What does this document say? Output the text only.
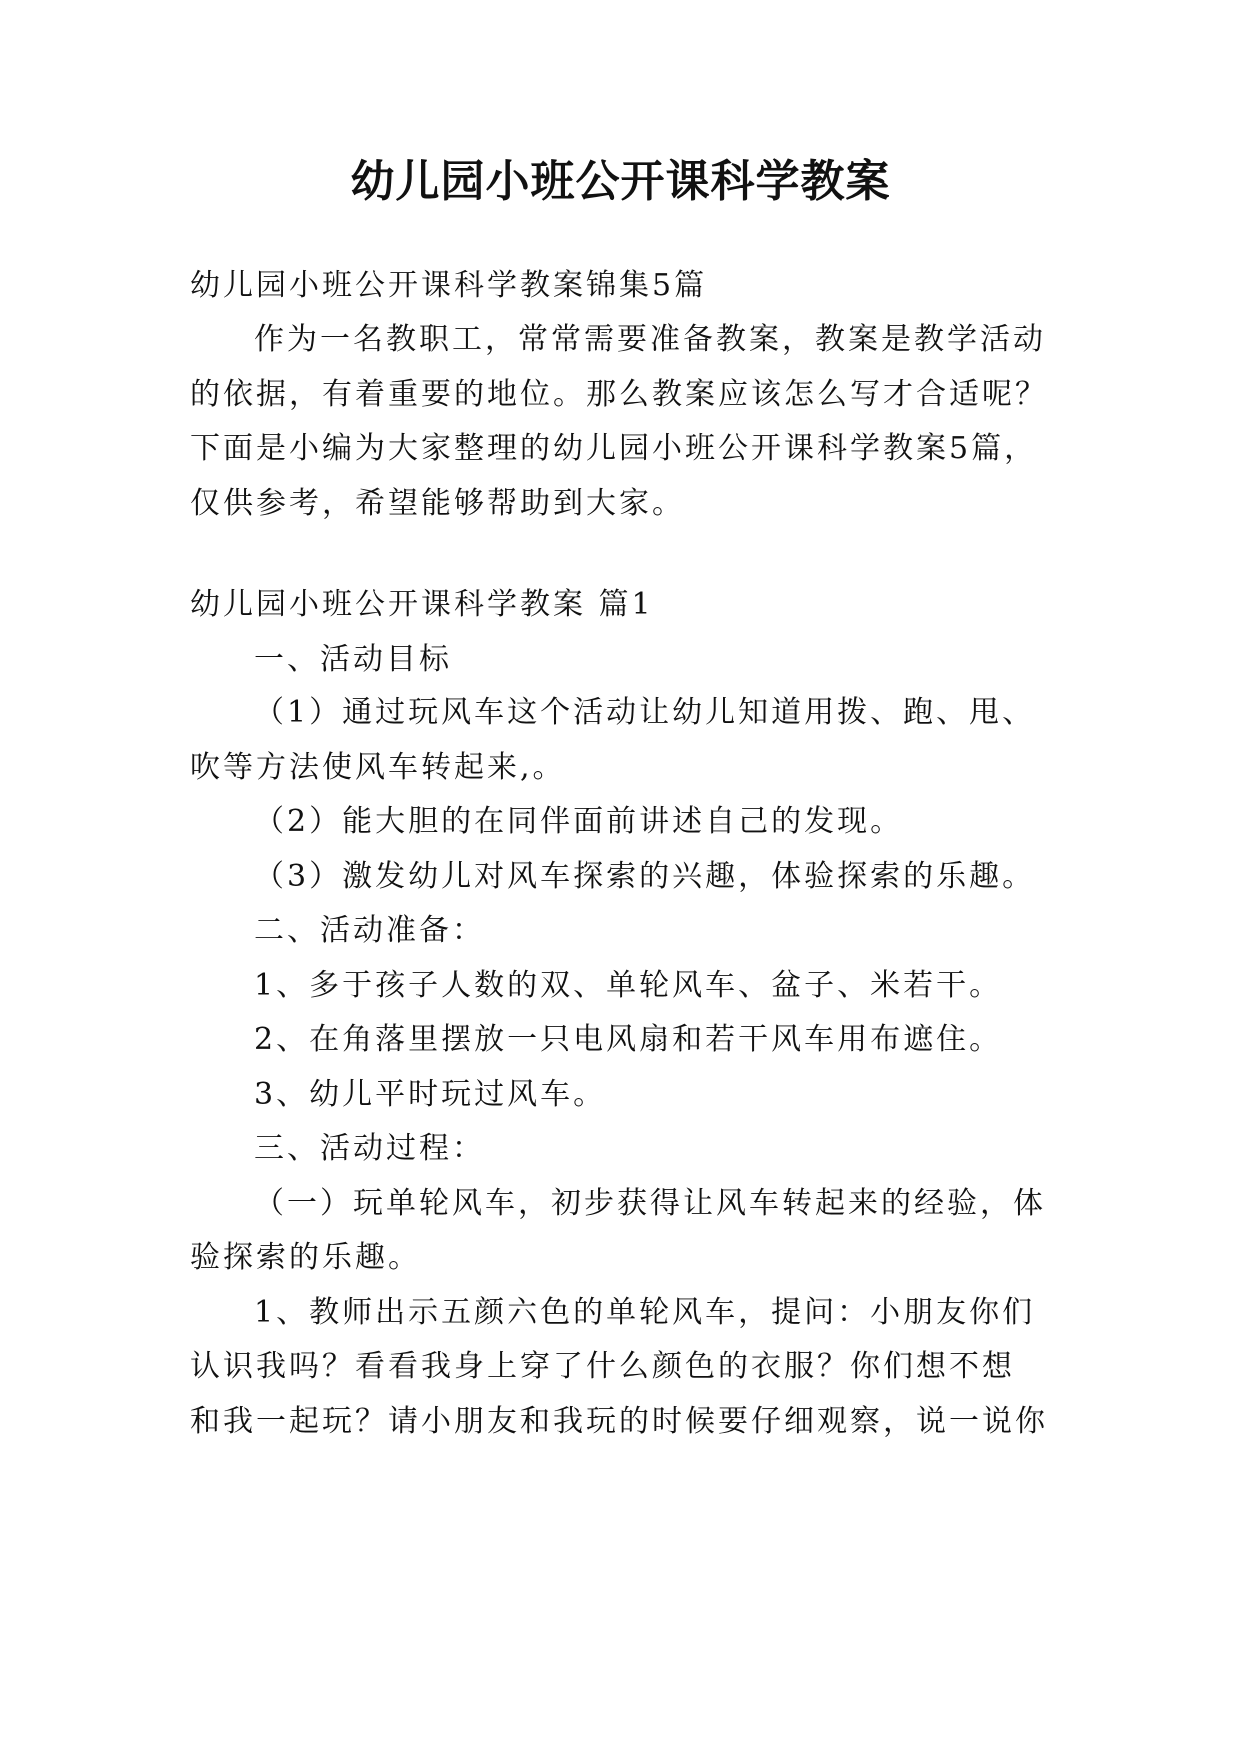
幼儿园小班公开课科学教案
幼儿园小班公开课科学教案锦集5篇
作为一名教职工，常常需要准备教案，教案是教学活动
的依据，有着重要的地位。那么教案应该怎么写才合适呢？
下面是小编为大家整理的幼儿园小班公开课科学教案5篇，
仅供参考，希望能够帮助到大家。
幼儿园小班公开课科学教案 篇1
一、活动目标
（1）通过玩风车这个活动让幼儿知道用拨、跑、甩、
吹等方法使风车转起来,。
（2）能大胆的在同伴面前讲述自己的发现。
（3）激发幼儿对风车探索的兴趣，体验探索的乐趣。
二、活动准备：
1、多于孩子人数的双、单轮风车、盆子、米若干。
2、在角落里摆放一只电风扇和若干风车用布遮住。
3、幼儿平时玩过风车。
三、活动过程：
（一）玩单轮风车，初步获得让风车转起来的经验，体
验探索的乐趣。
1、教师出示五颜六色的单轮风车，提问：小朋友你们
认识我吗？看看我身上穿了什么颜色的衣服？你们想不想
和我一起玩？请小朋友和我玩的时候要仔细观察，说一说你
